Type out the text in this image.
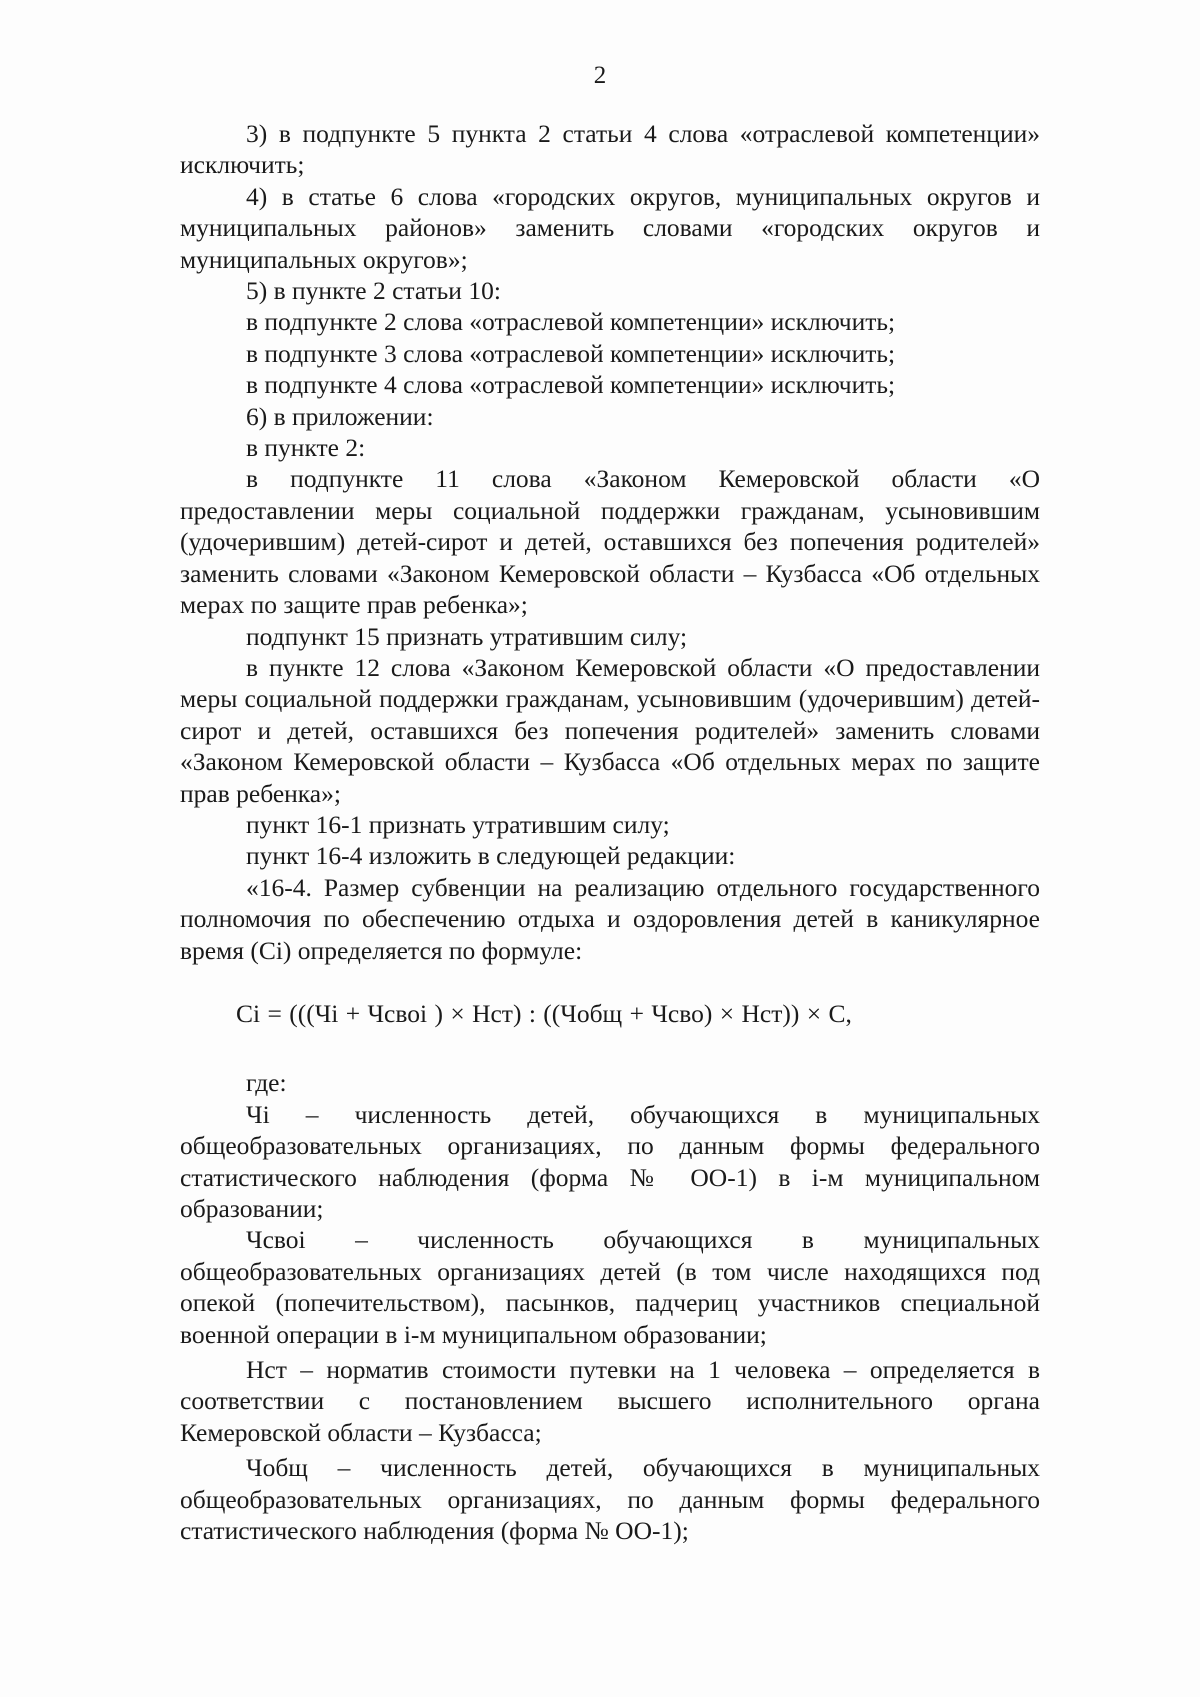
2

3) в подпункте 5 пункта 2 статьи 4 слова «отраслевой компетенции» исключить;

4) в статье 6 слова «городских округов, муниципальных округов и муниципальных районов» заменить словами «городских округов и муниципальных округов»;

5) в пункте 2 статьи 10:

в подпункте 2 слова «отраслевой компетенции» исключить;

в подпункте 3 слова «отраслевой компетенции» исключить;

в подпункте 4 слова «отраслевой компетенции» исключить;

6) в приложении:

в пункте 2:

в подпункте 11 слова «Законом Кемеровской области «О предоставлении меры социальной поддержки гражданам, усыновившим (удочерившим) детей-сирот и детей, оставшихся без попечения родителей» заменить словами «Законом Кемеровской области – Кузбасса «Об отдельных мерах по защите прав ребенка»;

подпункт 15 признать утратившим силу;

в пункте 12 слова «Законом Кемеровской области «О предоставлении меры социальной поддержки гражданам, усыновившим (удочерившим) детей-сирот и детей, оставшихся без попечения родителей» заменить словами «Законом Кемеровской области – Кузбасса «Об отдельных мерах по защите прав ребенка»;

пункт 16-1 признать утратившим силу;

пункт 16-4 изложить в следующей редакции:

«16-4. Размер субвенции на реализацию отдельного государственного полномочия по обеспечению отдыха и оздоровления детей в каникулярное время (Ci) определяется по формуле:

Ci = (((Чi + Чсвоi ) × Нст) : ((Чобщ + Чсво) × Нст)) × С,

где:

Чi – численность детей, обучающихся в муниципальных общеобразовательных организациях, по данным формы федерального статистического наблюдения (форма № ОО-1) в i-м муниципальном образовании;

Чсвоi – численность обучающихся в муниципальных общеобразовательных организациях детей (в том числе находящихся под опекой (попечительством), пасынков, падчериц участников специальной военной операции в i-м муниципальном образовании;

Нст – норматив стоимости путевки на 1 человека – определяется в соответствии с постановлением высшего исполнительного органа Кемеровской области – Кузбасса;

Чобщ – численность детей, обучающихся в муниципальных общеобразовательных организациях, по данным формы федерального статистического наблюдения (форма № ОО-1);
